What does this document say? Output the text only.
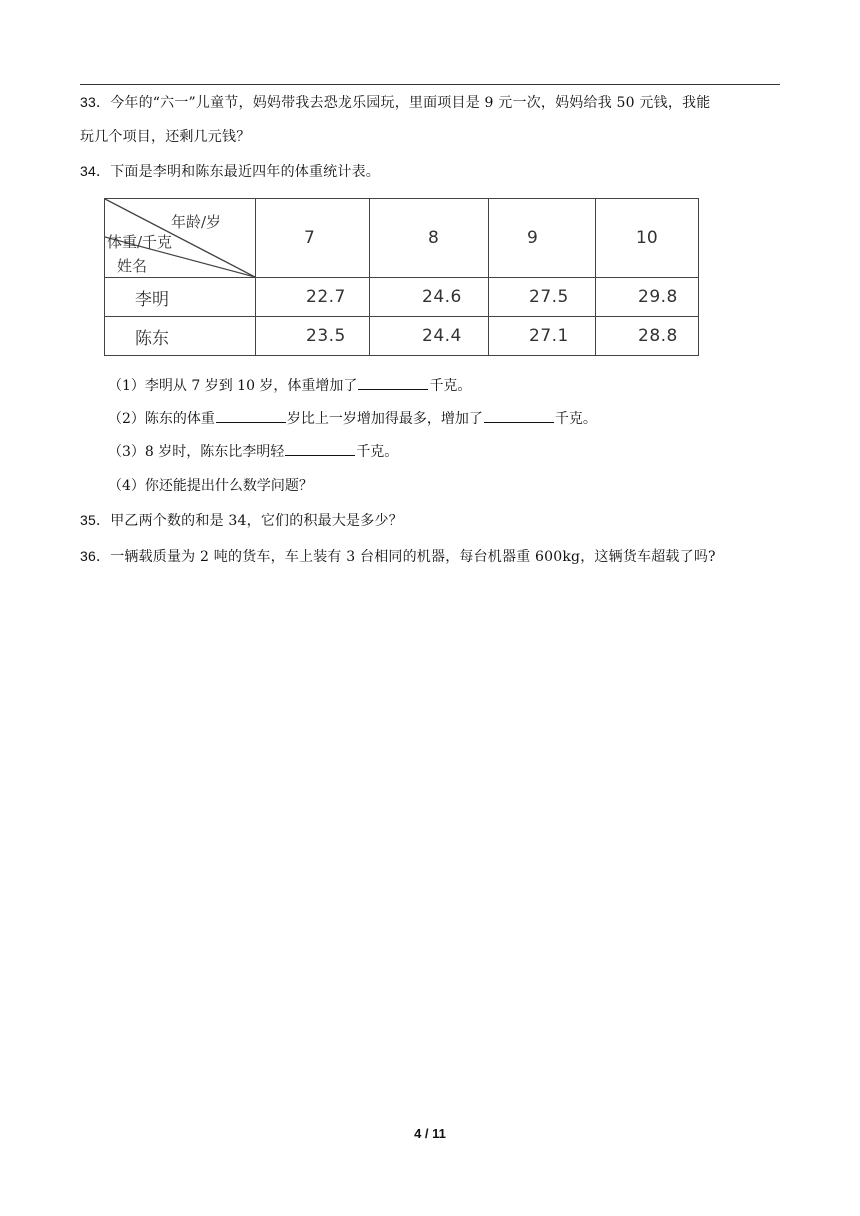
33．今年的“六一”儿童节，妈妈带我去恐龙乐园玩，里面项目是 9 元一次，妈妈给我 50 元钱，我能
玩几个项目，还剩几元钱？
34．下面是李明和陈东最近四年的体重统计表。
年龄/岁
体重/千克
姓名	7	8	9	10
李明	22.7	24.6	27.5	29.8
陈东	23.5	24.4	27.1	28.8
（1）李明从 7 岁到 10 岁，体重增加了	千克。
（2）陈东的体重	岁比上一岁增加得最多，增加了	千克。
（3）8 岁时，陈东比李明轻	千克。
（4）你还能提出什么数学问题？
35．甲乙两个数的和是 34，它们的积最大是多少？
36．一辆载质量为 2 吨的货车，车上装有 3 台相同的机器，每台机器重 600kg，这辆货车超载了吗?
4 / 11
